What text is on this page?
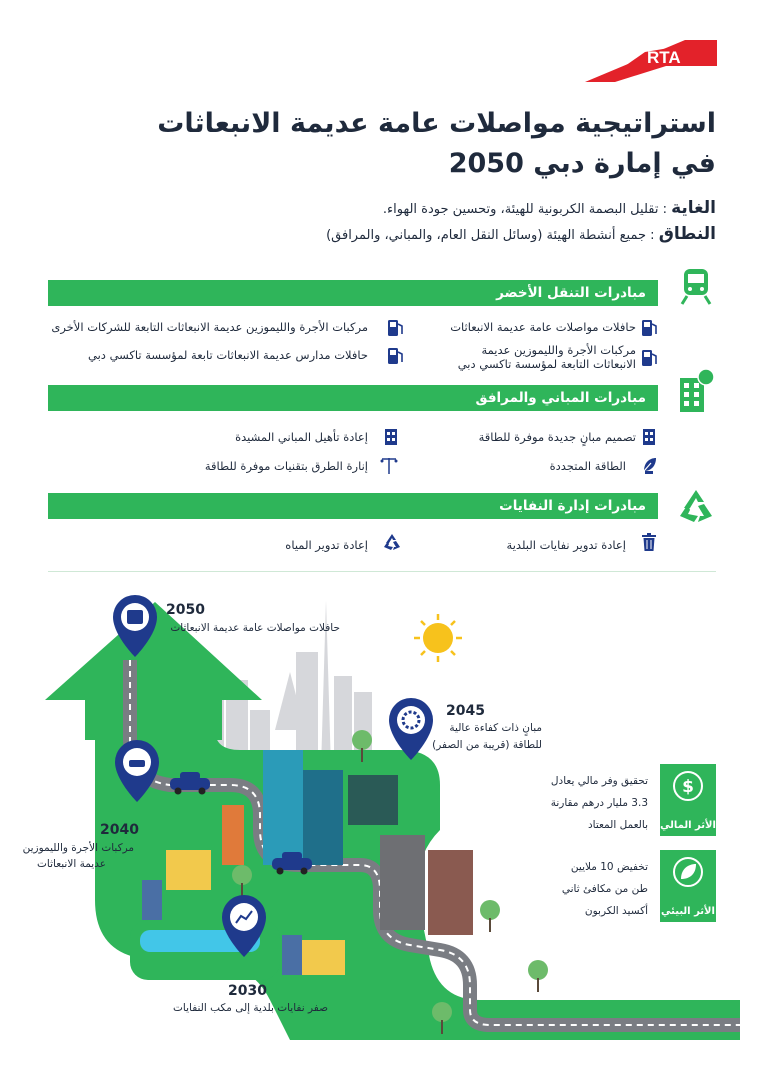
RTA
استراتيجية مواصلات عامة عديمة الانبعاثات
في إمارة دبي 2050
الغاية : تقليل البصمة الكربونية للهيئة، وتحسين جودة الهواء.
النطاق : جميع أنشطة الهيئة (وسائل النقل العام، والمباني، والمرافق)
مبادرات التنقل الأخضر
حافلات مواصلات عامة عديمة الانبعاثات
مركبات الأجرة والليموزين عديمة الانبعاثات التابعة للشركات الأخرى
مركبات الأجرة والليموزين عديمة الانبعاثات التابعة لمؤسسة تاكسي دبي
حافلات مدارس عديمة الانبعاثات تابعة لمؤسسة تاكسي دبي
مبادرات المباني والمرافق
تصميم مبانٍ جديدة موفرة للطاقة
إعادة تأهيل المباني المشيدة
الطاقة المتجددة
إنارة الطرق بتقنيات موفرة للطاقة
مبادرات إدارة النفايات
إعادة تدوير نفايات البلدية
إعادة تدوير المياه
2050
حافلات مواصلات عامة عديمة الانبعاثات
2045
مبانٍ ذات كفاءة عالية
للطاقة (قريبة من الصفر)
2040
مركبات الأجرة والليموزين
عديمة الانبعاثات
2030
صفر نفايات بلدية إلى مكب النفايات
$
الأثر المالي
تحقيق وفر مالي يعادل
3.3 مليار درهم مقارنة
بالعمل المعتاد
الأثر البيئي
تخفيض 10 ملايين
طن من مكافئ ثاني
أكسيد الكربون
